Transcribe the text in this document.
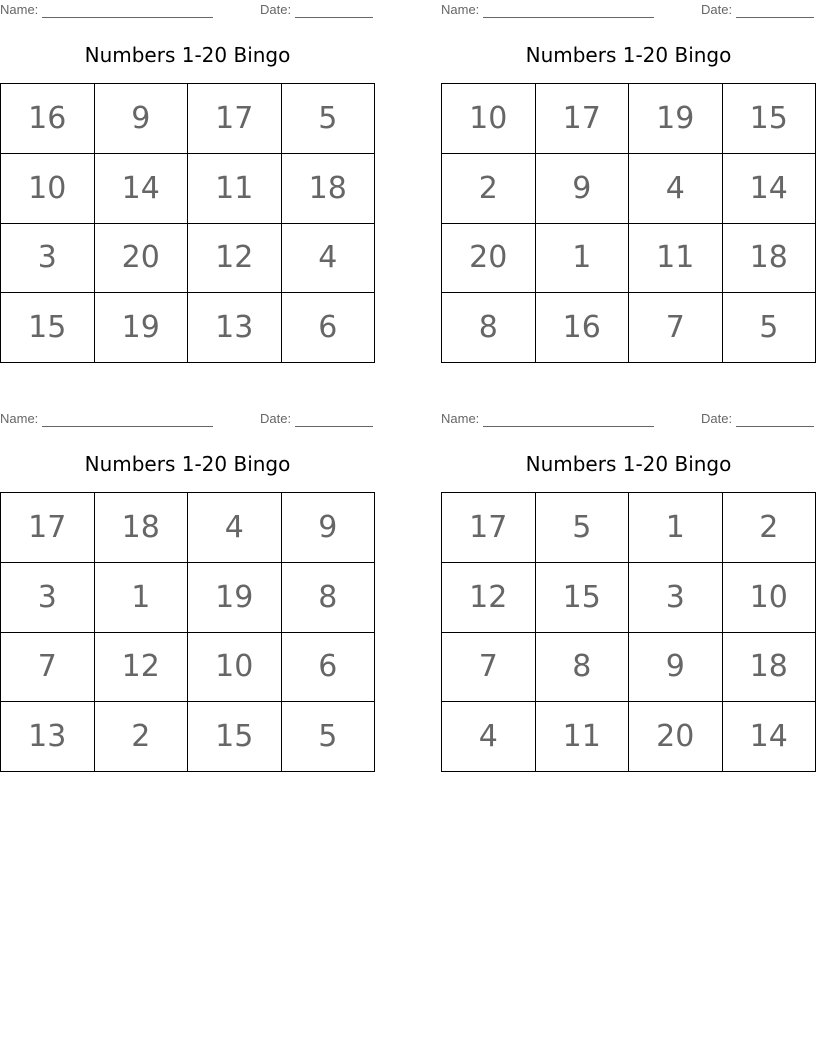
Name:	Date:
Numbers 1-20 Bingo
16	9	17	5
10	14	11	18
3	20	12	4
15	19	13	6
Name:	Date:
Numbers 1-20 Bingo
10	17	19	15
2	9	4	14
20	1	11	18
8	16	7	5
Name:	Date:
Numbers 1-20 Bingo
17	18	4	9
3	1	19	8
7	12	10	6
13	2	15	5
Name:	Date:
Numbers 1-20 Bingo
17	5	1	2
12	15	3	10
7	8	9	18
4	11	20	14
